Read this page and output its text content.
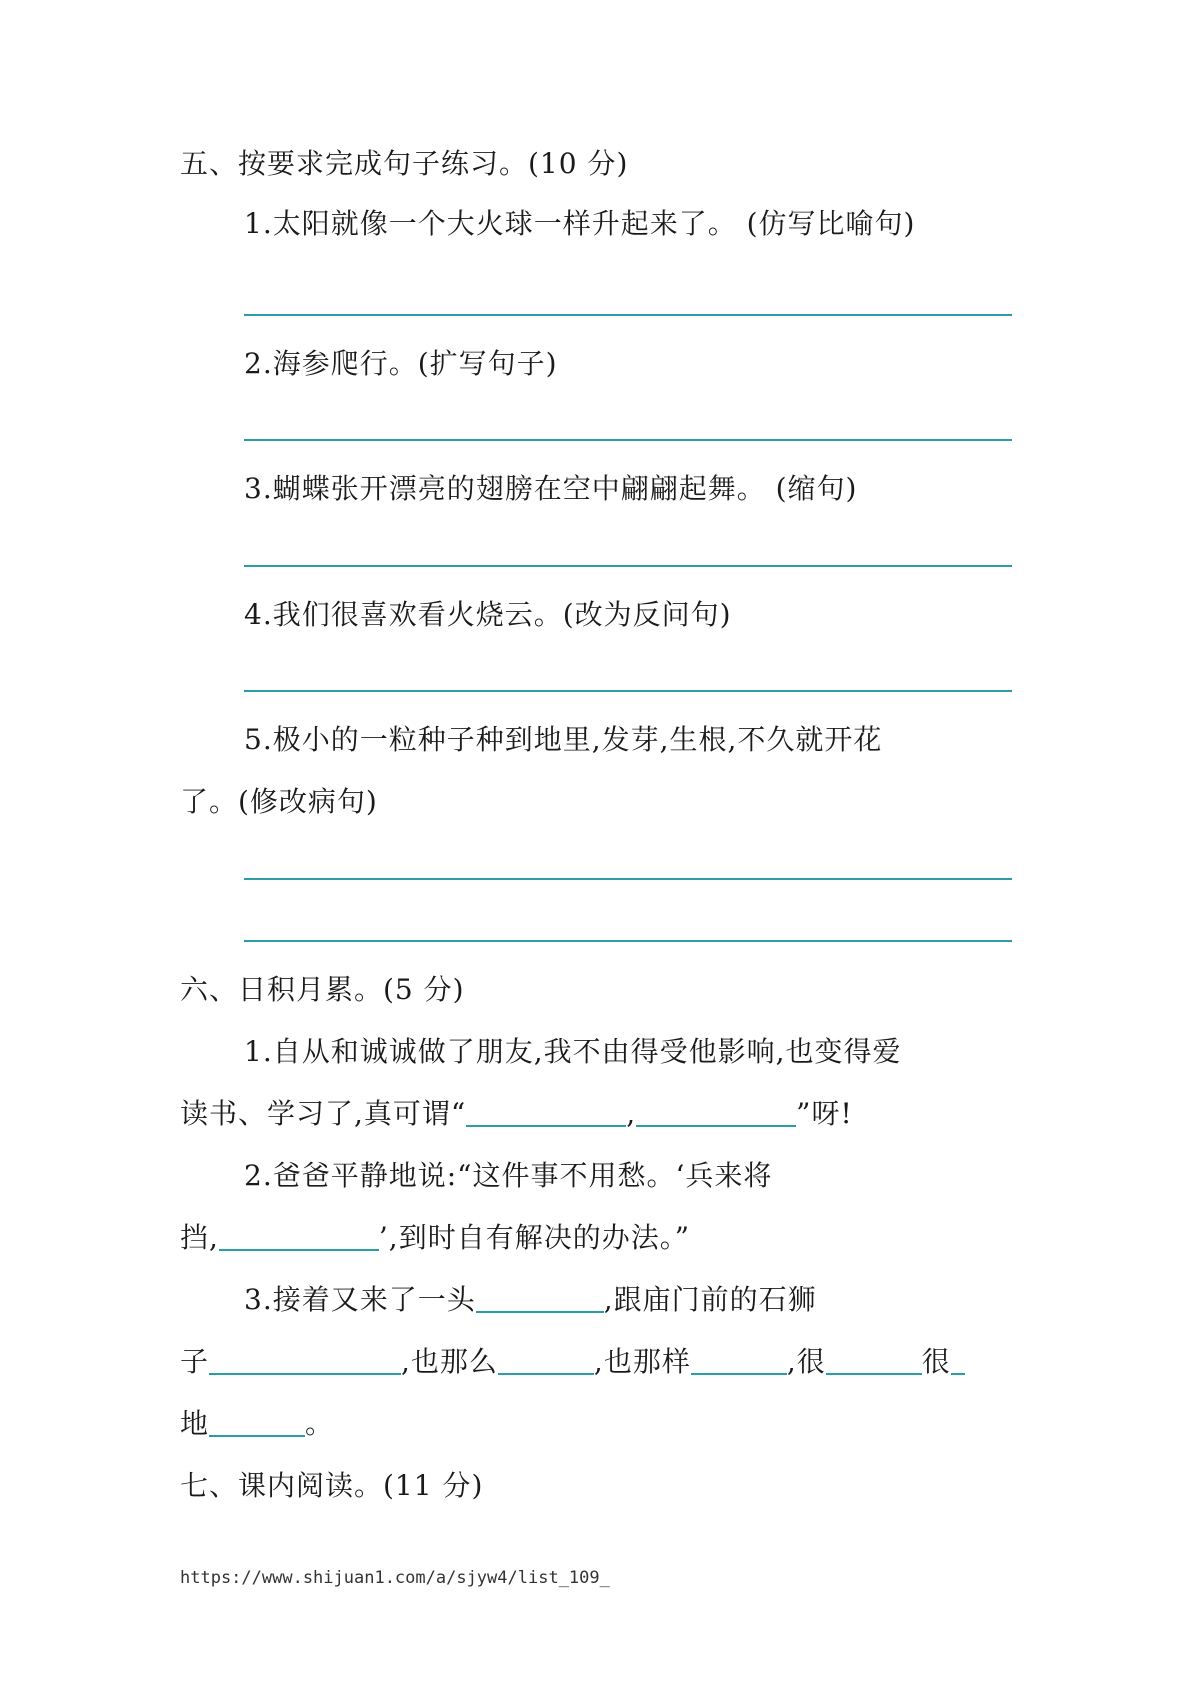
五、按要求完成句子练习。(10 分)
1.太阳就像一个大火球一样升起来了。 (仿写比喻句)
2.海参爬行。(扩写句子)
3.蝴蝶张开漂亮的翅膀在空中翩翩起舞。 (缩句)
4.我们很喜欢看火烧云。(改为反问句)
5.极小的一粒种子种到地里,发芽,生根,不久就开花
了。(修改病句)
六、日积月累。(5 分)
1.自从和诚诚做了朋友,我不由得受他影响,也变得爱
读书、学习了,真可谓“	,	”呀!
2.爸爸平静地说:“这件事不用愁。‘兵来将
挡,	’,到时自有解决的办法。”
3.接着又来了一头	,跟庙门前的石狮
子	,也那么	,也那样	,很	很
地	。
七、课内阅读。(11 分)
https://www.shijuan1.com/a/sjyw4/list_109_
